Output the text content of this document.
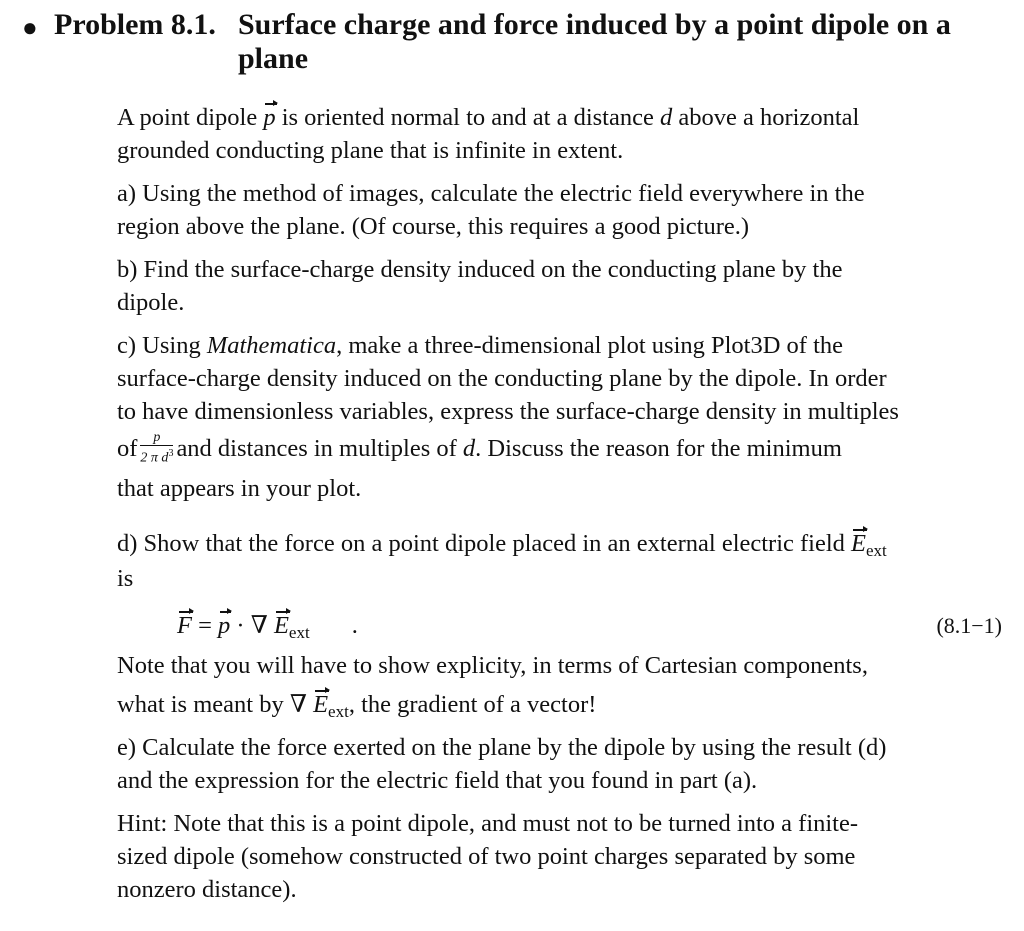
● Problem 8.1. Surface charge and force induced by a point dipole on a
plane
A point dipole p is oriented normal to and at a distance d above a horizontal
grounded conducting plane that is infinite in extent.
a) Using the method of images, calculate the electric field everywhere in the
region above the plane. (Of course, this requires a good picture.)
b) Find the surface-charge density induced on the conducting plane by the
dipole.
c) Using Mathematica, make a three-dimensional plot using Plot3D of the
surface-charge density induced on the conducting plane by the dipole. In order
to have dimensionless variables, express the surface-charge density in multiples
of $\frac{p}{2 \pi d^3}$ and distances in multiples of d. Discuss the reason for the minimum
that appears in your plot.
d) Show that the force on a point dipole placed in an external electric field $E_{ext}$
is
F = p · ∇ $E_{ext}$ .	(8.1−1)
Note that you will have to show explicity, in terms of Cartesian components,
what is meant by ∇ $E_{ext}$, the gradient of a vector!
e) Calculate the force exerted on the plane by the dipole by using the result (d)
and the expression for the electric field that you found in part (a).
Hint: Note that this is a point dipole, and must not to be turned into a finite-
sized dipole (somehow constructed of two point charges separated by some
nonzero distance).
